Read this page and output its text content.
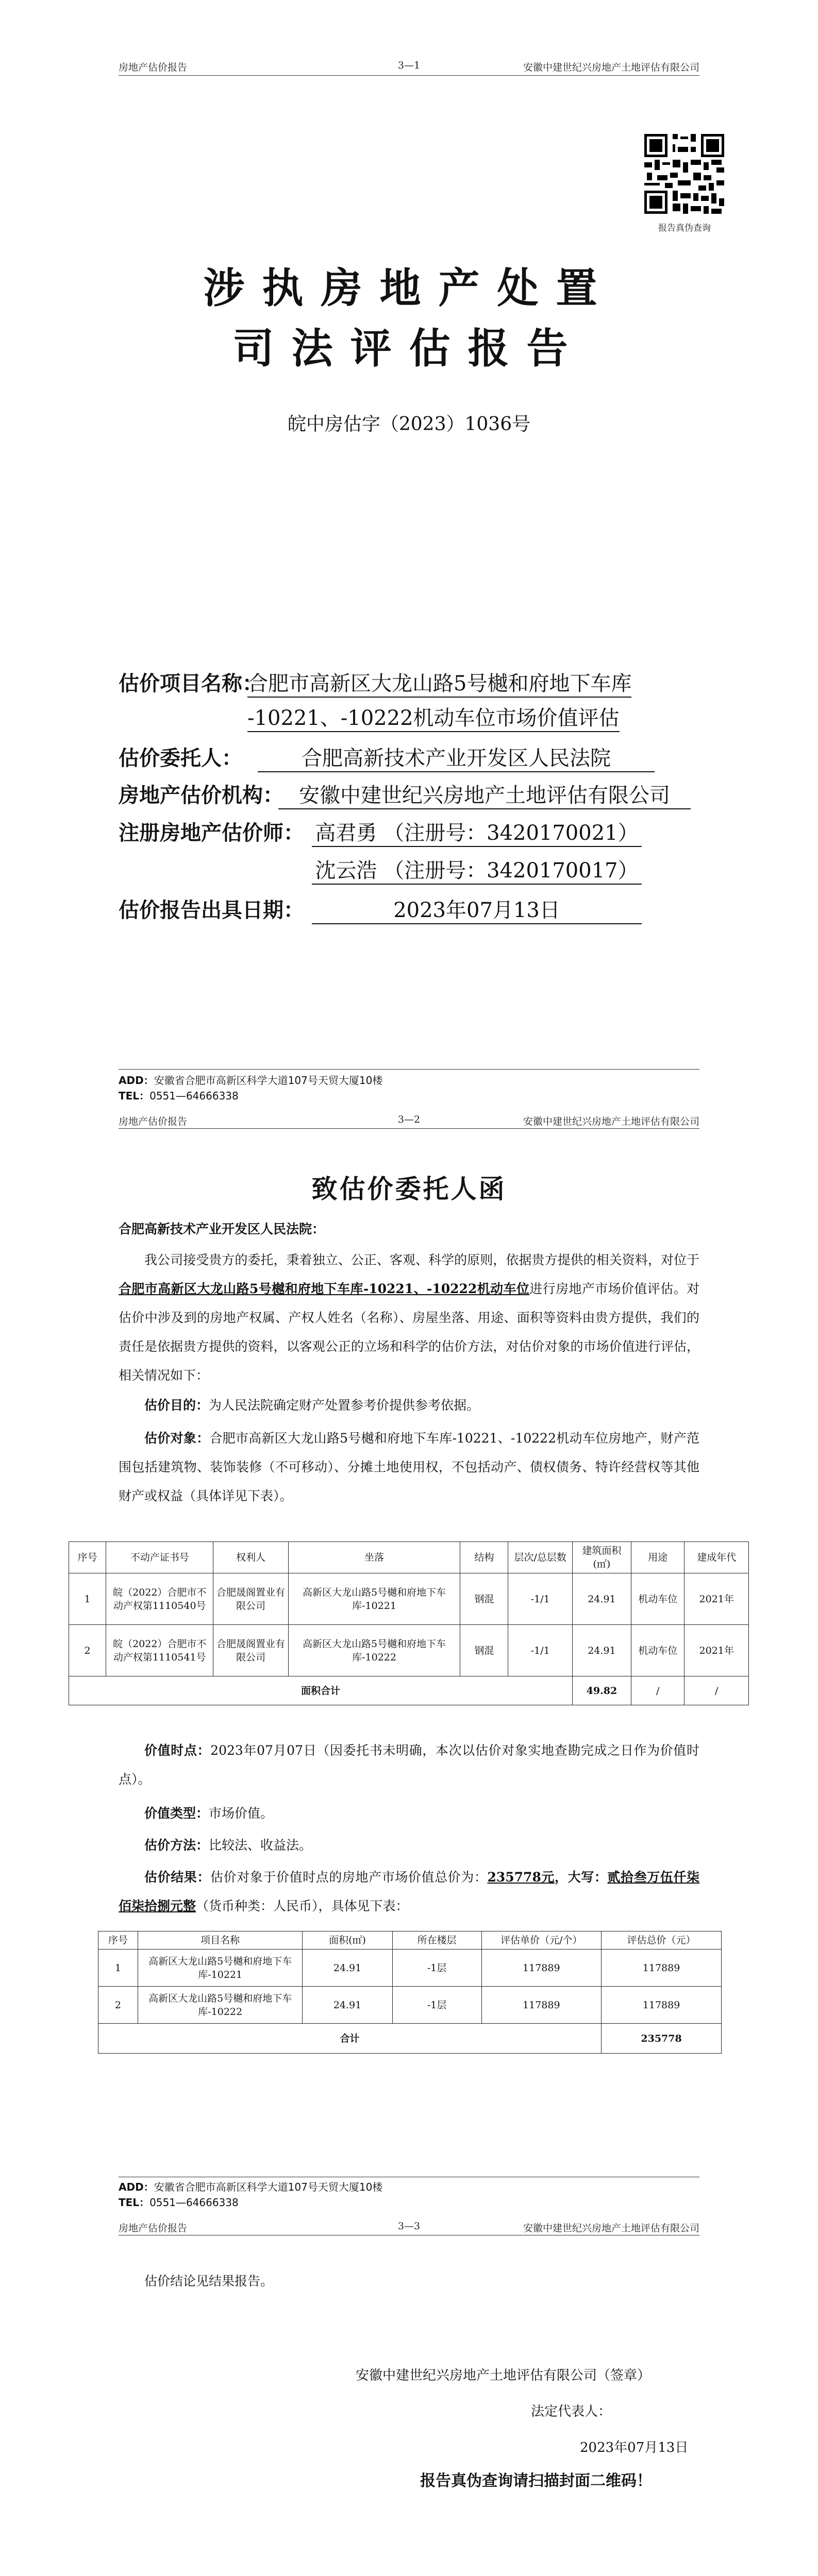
房地产估价报告	3—1	安徽中建世纪兴房地产土地评估有限公司
报告真伪查询
涉执房地产处置
司法评估报告
皖中房估字（2023）1036号
估价项目名称：
合肥市高新区大龙山路5号樾和府地下车库
-10221、-10222机动车位市场价值评估
估价委托人：	合肥高新技术产业开发区人民法院
房地产估价机构： 安徽中建世纪兴房地产土地评估有限公司
注册房地产估价师： 高君勇 （注册号：3420170021）
沈云浩 （注册号：3420170017）
估价报告出具日期：	2023年07月13日
ADD：安徽省合肥市高新区科学大道107号天贸大厦10楼
TEL：0551—64666338
房地产估价报告	3—2	安徽中建世纪兴房地产土地评估有限公司
致估价委托人函
合肥高新技术产业开发区人民法院：
我公司接受贵方的委托，秉着独立、公正、客观、科学的原则，依据贵方提供的相关资料，对位于合肥市高新区大龙山路5号樾和府地下车库-10221、-10222机动车位进行房地产市场价值评估。对估价中涉及到的房地产权属、产权人姓名（名称）、房屋坐落、用途、面积等资料由贵方提供，我们的责任是依据贵方提供的资料，以客观公正的立场和科学的估价方法，对估价对象的市场价值进行评估，相关情况如下：
估价目的：为人民法院确定财产处置参考价提供参考依据。
估价对象：合肥市高新区大龙山路5号樾和府地下车库-10221、-10222机动车位房地产，财产范围包括建筑物、装饰装修（不可移动）、分摊土地使用权，不包括动产、债权债务、特许经营权等其他财产或权益（具体详见下表）。
序号	不动产证书号	权利人	坐落	结构	层次/总层数	建筑面积(㎡)	用途	建成年代
1	皖（2022）合肥市不动产权第1110540号	合肥晟阁置业有限公司	高新区大龙山路5号樾和府地下车库-10221	钢混	-1/1	24.91	机动车位	2021年
2	皖（2022）合肥市不动产权第1110541号	合肥晟阁置业有限公司	高新区大龙山路5号樾和府地下车库-10222	钢混	-1/1	24.91	机动车位	2021年
面积合计						49.82	/	/
价值时点：2023年07月07日（因委托书未明确，本次以估价对象实地查勘完成之日作为价值时点）。
价值类型：市场价值。
估价方法：比较法、收益法。
估价结果：估价对象于价值时点的房地产市场价值总价为：235778元，大写：贰拾叁万伍仟柒佰柒拾捌元整（货币种类：人民币），具体见下表：
序号	项目名称	面积(㎡)	所在楼层	评估单价（元/个）	评估总价（元）
1	高新区大龙山路5号樾和府地下车库-10221	24.91	-1层	117889	117889
2	高新区大龙山路5号樾和府地下车库-10222	24.91	-1层	117889	117889
合计					235778
ADD：安徽省合肥市高新区科学大道107号天贸大厦10楼
TEL：0551—64666338
房地产估价报告	3—3	安徽中建世纪兴房地产土地评估有限公司
估价结论见结果报告。
安徽中建世纪兴房地产土地评估有限公司（签章）
法定代表人：
2023年07月13日
报告真伪查询请扫描封面二维码！
